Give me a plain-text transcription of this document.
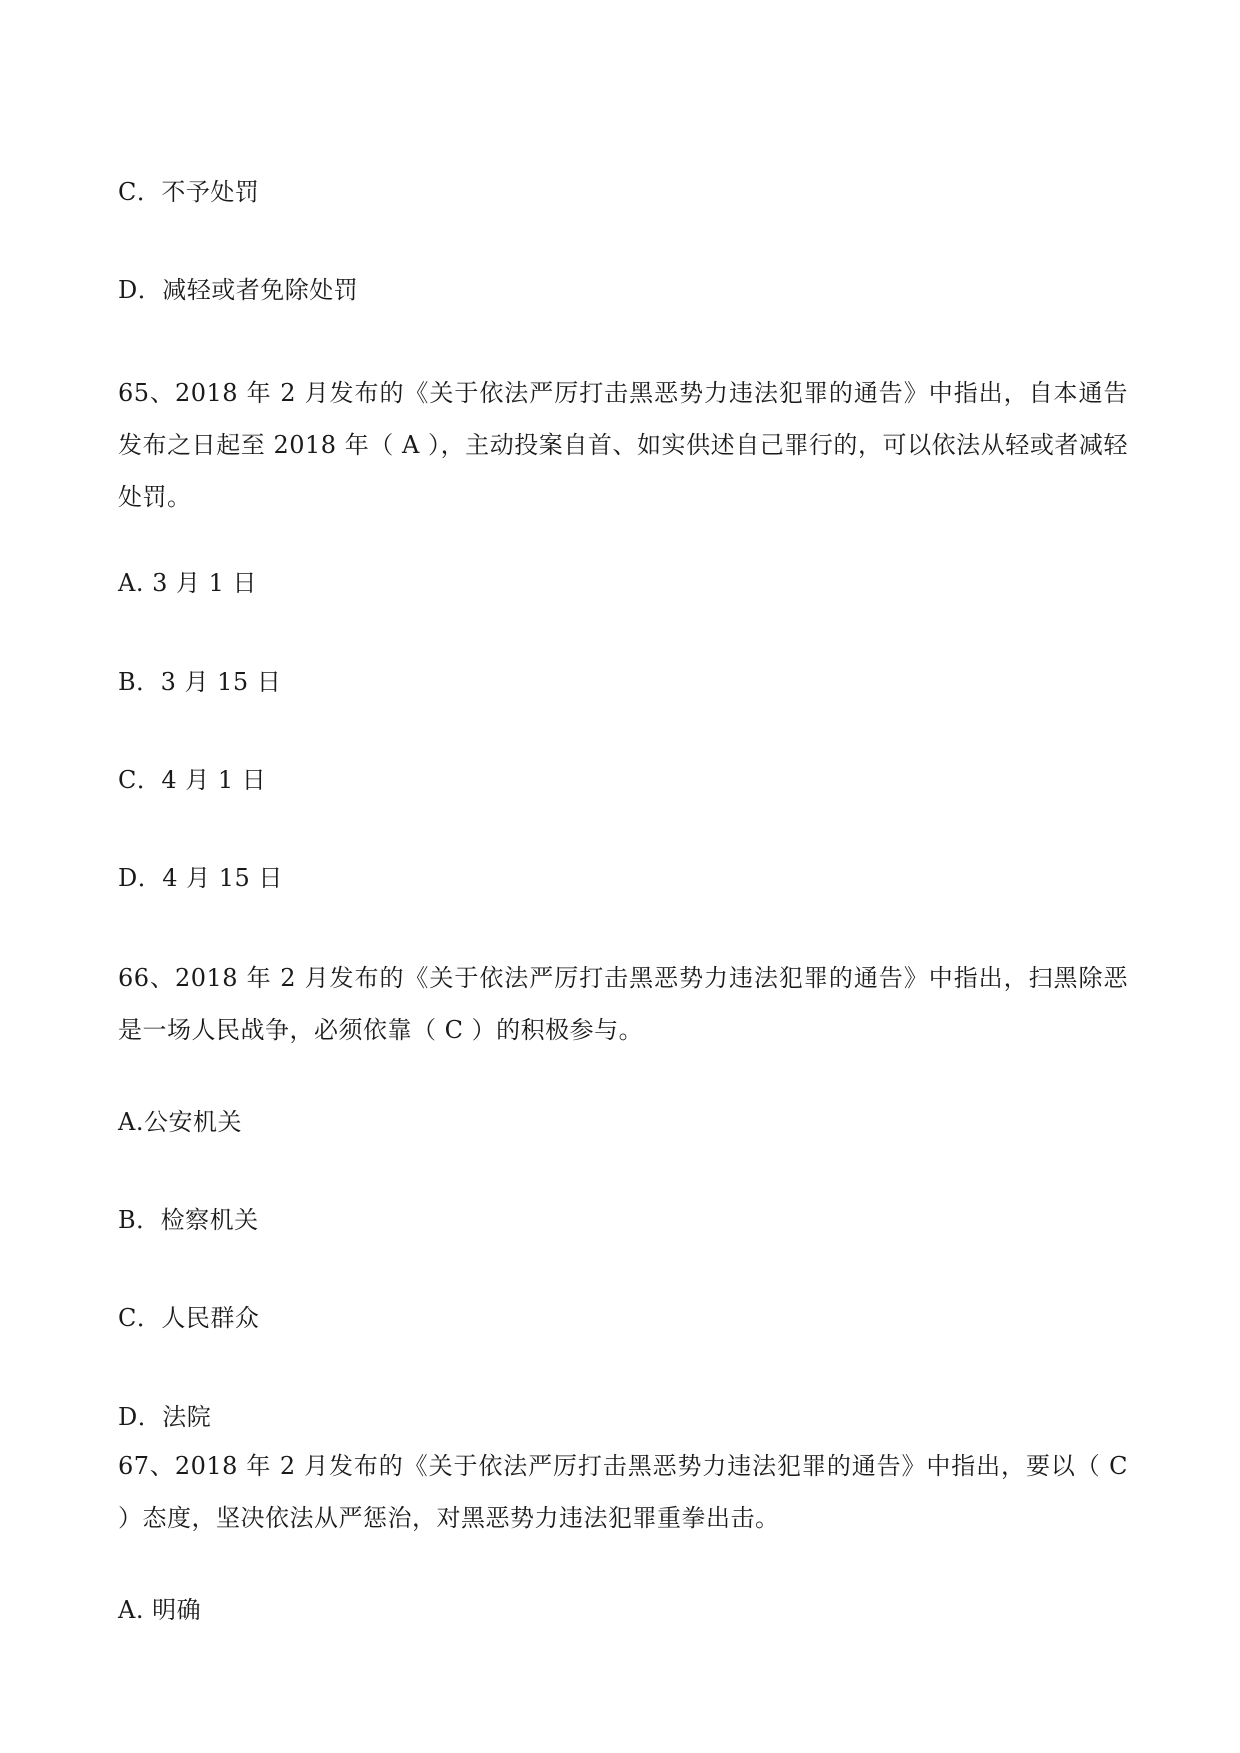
C．不予处罚
D．减轻或者免除处罚
65、2018 年 2 月发布的《关于依法严厉打击黑恶势力违法犯罪的通告》中指出，自本通告发布之日起至 2018 年（ A ），主动投案自首、如实供述自己罪行的，可以依法从轻或者减轻处罚。
A. 3 月 1 日
B．3 月 15 日
C．4 月 1 日
D．4 月 15 日
66、2018 年 2 月发布的《关于依法严厉打击黑恶势力违法犯罪的通告》中指出，扫黑除恶是一场人民战争，必须依靠（ C ）的积极参与。
A.公安机关
B．检察机关
C．人民群众
D．法院
67、2018 年 2 月发布的《关于依法严厉打击黑恶势力违法犯罪的通告》中指出，要以（ C ）态度，坚决依法从严惩治，对黑恶势力违法犯罪重拳出击。
A. 明确
